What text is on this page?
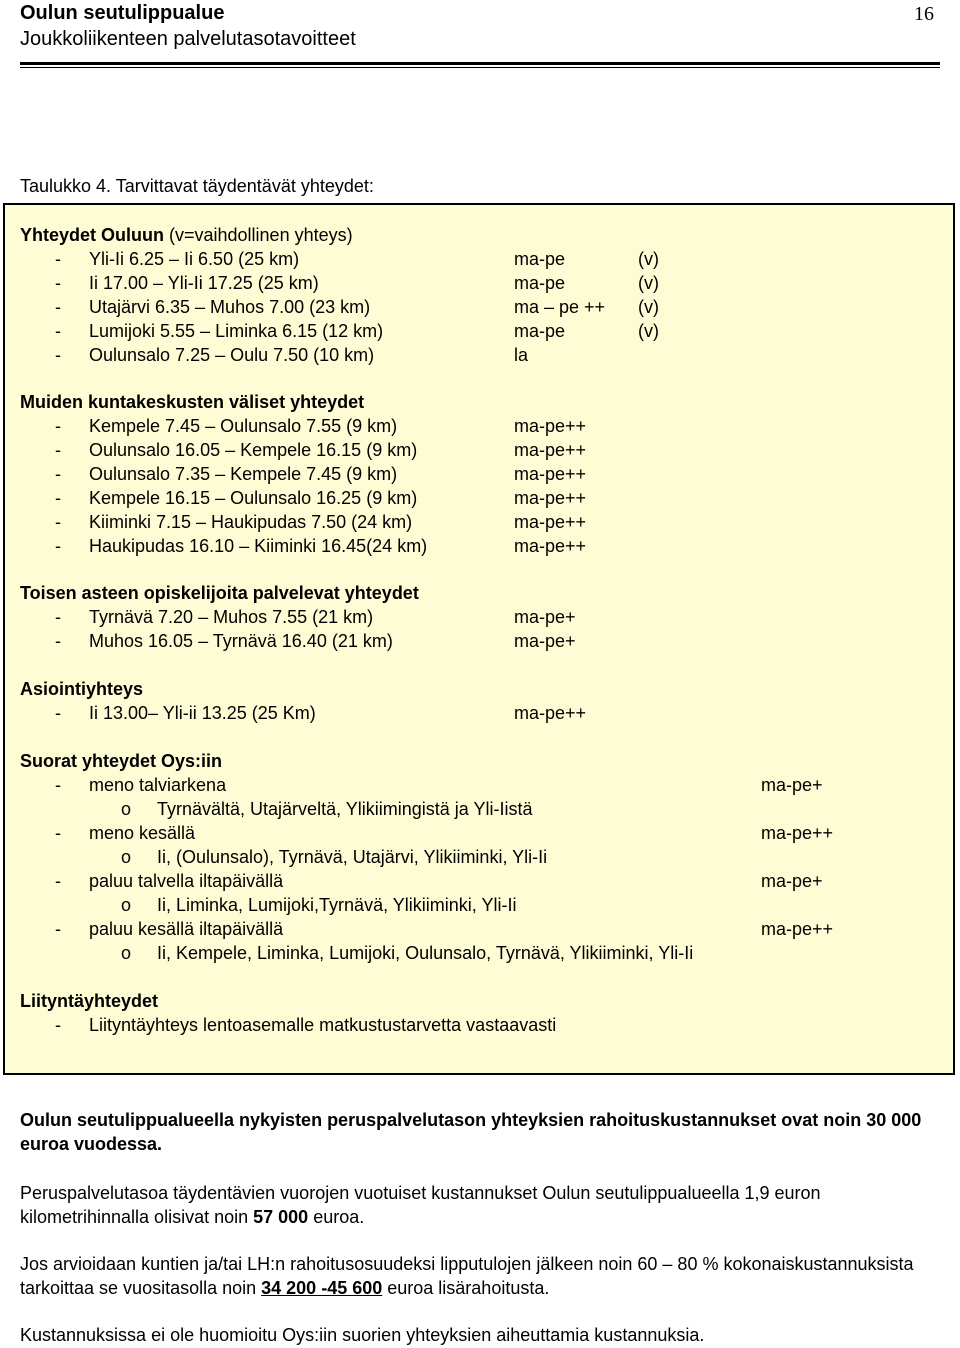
Oulun seutulippualue
Joukkoliikenteen palvelutasotavoitteet
16
Taulukko 4. Tarvittavat täydentävät yhteydet:
Yhteydet Ouluun (v=vaihdollinen yhteys)
- Yli-Ii 6.25 – Ii 6.50 (25 km)	ma-pe	(v)
- Ii 17.00 – Yli-Ii 17.25 (25 km)	ma-pe	(v)
- Utajärvi 6.35 – Muhos 7.00 (23 km)	ma – pe ++ (v)
- Lumijoki 5.55 – Liminka 6.15 (12 km)	ma-pe	(v)
- Oulunsalo 7.25 – Oulu 7.50 (10 km)	la
Muiden kuntakeskusten väliset yhteydet
- Kempele 7.45 – Oulunsalo 7.55 (9 km)	ma-pe++
- Oulunsalo 16.05 – Kempele 16.15 (9 km)	ma-pe++
- Oulunsalo 7.35 – Kempele 7.45 (9 km)	ma-pe++
- Kempele 16.15 – Oulunsalo 16.25 (9 km)	ma-pe++
- Kiiminki 7.15 – Haukipudas 7.50 (24 km)	ma-pe++
- Haukipudas 16.10 – Kiiminki 16.45(24 km)	ma-pe++
Toisen asteen opiskelijoita palvelevat yhteydet
- Tyrnävä 7.20 – Muhos 7.55 (21 km)	ma-pe+
- Muhos 16.05 – Tyrnävä 16.40 (21 km)	ma-pe+
Asiointiyhteys
- Ii 13.00– Yli-ii 13.25 (25 Km)	ma-pe++
Suorat yhteydet Oys:iin
- meno talviarkena	ma-pe+
o Tyrnävältä, Utajärveltä, Ylikiimingistä ja Yli-Iistä
- meno kesällä	ma-pe++
o Ii, (Oulunsalo), Tyrnävä, Utajärvi, Ylikiiminki, Yli-Ii
- paluu talvella iltapäivällä	ma-pe+
o Ii, Liminka, Lumijoki,Tyrnävä, Ylikiiminki, Yli-Ii
- paluu kesällä iltapäivällä	ma-pe++
o Ii, Kempele, Liminka, Lumijoki, Oulunsalo, Tyrnävä, Ylikiiminki, Yli-Ii
Liityntäyhteydet
- Liityntäyhteys lentoasemalle matkustustarvetta vastaavasti
Oulun seutulippualueella nykyisten peruspalvelutason yhteyksien rahoituskustannukset ovat noin 30 000 euroa vuodessa.
Peruspalvelutasoa täydentävien vuorojen vuotuiset kustannukset Oulun seutulippualueella 1,9 euron kilometrihinnalla olisivat noin 57 000 euroa.
Jos arvioidaan kuntien ja/tai LH:n rahoitusosuudeksi lipputulojen jälkeen noin 60 – 80 % kokonaiskustannuksista tarkoittaa se vuositasolla noin 34 200 -45 600 euroa lisärahoitusta.
Kustannuksissa ei ole huomioitu Oys:iin suorien yhteyksien aiheuttamia kustannuksia.
